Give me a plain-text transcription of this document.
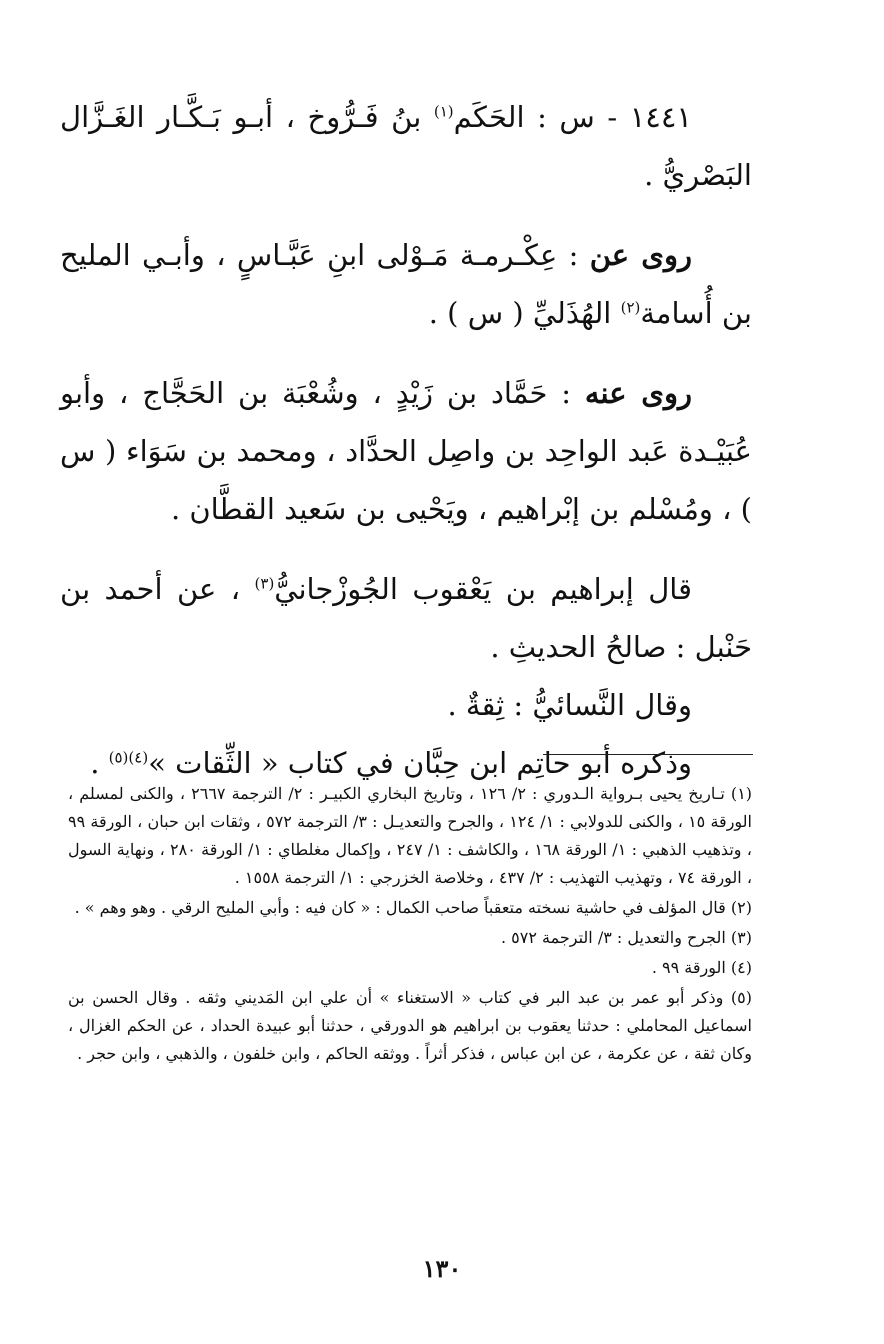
١٤٤١ - س : الحَكَم$^{(١)}$ بنُ فَـرُّوخ ، أبـو بَـكَّـار الغَـزَّال البَصْريُّ .

روى عن : عِكْـرمـة مَـوْلى ابنِ عَبَّـاسٍ ، وأبـي المليح بن أُسامة$^{(٢)}$ الهُذَليِّ ( س ) .

روى عنه : حَمَّاد بن زَيْدٍ ، وشُعْبَة بن الحَجَّاج ، وأبو عُبَيْـدة عَبد الواحِد بن واصِل الحدَّاد ، ومحمد بن سَوَاء ( س ) ، ومُسْلم بن إبْراهيم ، ويَحْيى بن سَعيد القطَّان .

قال إبراهيم بن يَعْقوب الجُوزْجانيُّ$^{(٣)}$ ، عن أحمد بن حَنْبل : صالحُ الحديثِ .

وقال النَّسائيُّ : ثِقةٌ .

وذكره أبو حاتِم ابن حِبَّان في كتاب « الثِّقات »$^{(٤)(٥)}$ .

(١) تـاريخ يحيى بـرواية الـدوري : ٢/ ١٢٦ ، وتاريخ البخاري الكبيـر : ٢/ الترجمة ٢٦٦٧ ، والكنى لمسلم ، الورقة ١٥ ، والكنى للدولابي : ١/ ١٢٤ ، والجرح والتعديـل : ٣/ الترجمة ٥٧٢ ، وثقات ابن حبان ، الورقة ٩٩ ، وتذهيب الذهبي : ١/ الورقة ١٦٨ ، والكاشف : ١/ ٢٤٧ ، وإكمال مغلطاي : ١/ الورقة ٢٨٠ ، ونهاية السول ، الورقة ٧٤ ، وتهذيب التهذيب : ٢/ ٤٣٧ ، وخلاصة الخزرجي : ١/ الترجمة ١٥٥٨ .

(٢) قال المؤلف في حاشية نسخته متعقباً صاحب الكمال : « كان فيه : وأبي المليح الرقي . وهو وهم » .

(٣) الجرح والتعديل : ٣/ الترجمة ٥٧٢ .

(٤) الورقة ٩٩ .

(٥) وذكر أبو عمر بن عبد البر في كتاب « الاستغناء » أن علي ابن المَديني وثقه . وقال الحسن بن اسماعيل المحاملي : حدثنا يعقوب بن ابراهيم هو الدورقي ، حدثنا أبو عبيدة الحداد ، عن الحكم الغزال ، وكان ثقة ، عن عكرمة ، عن ابن عباس ، فذكر أثراً . ووثقه الحاكم ، وابن خلفون ، والذهبي ، وابن حجر .

١٣٠
